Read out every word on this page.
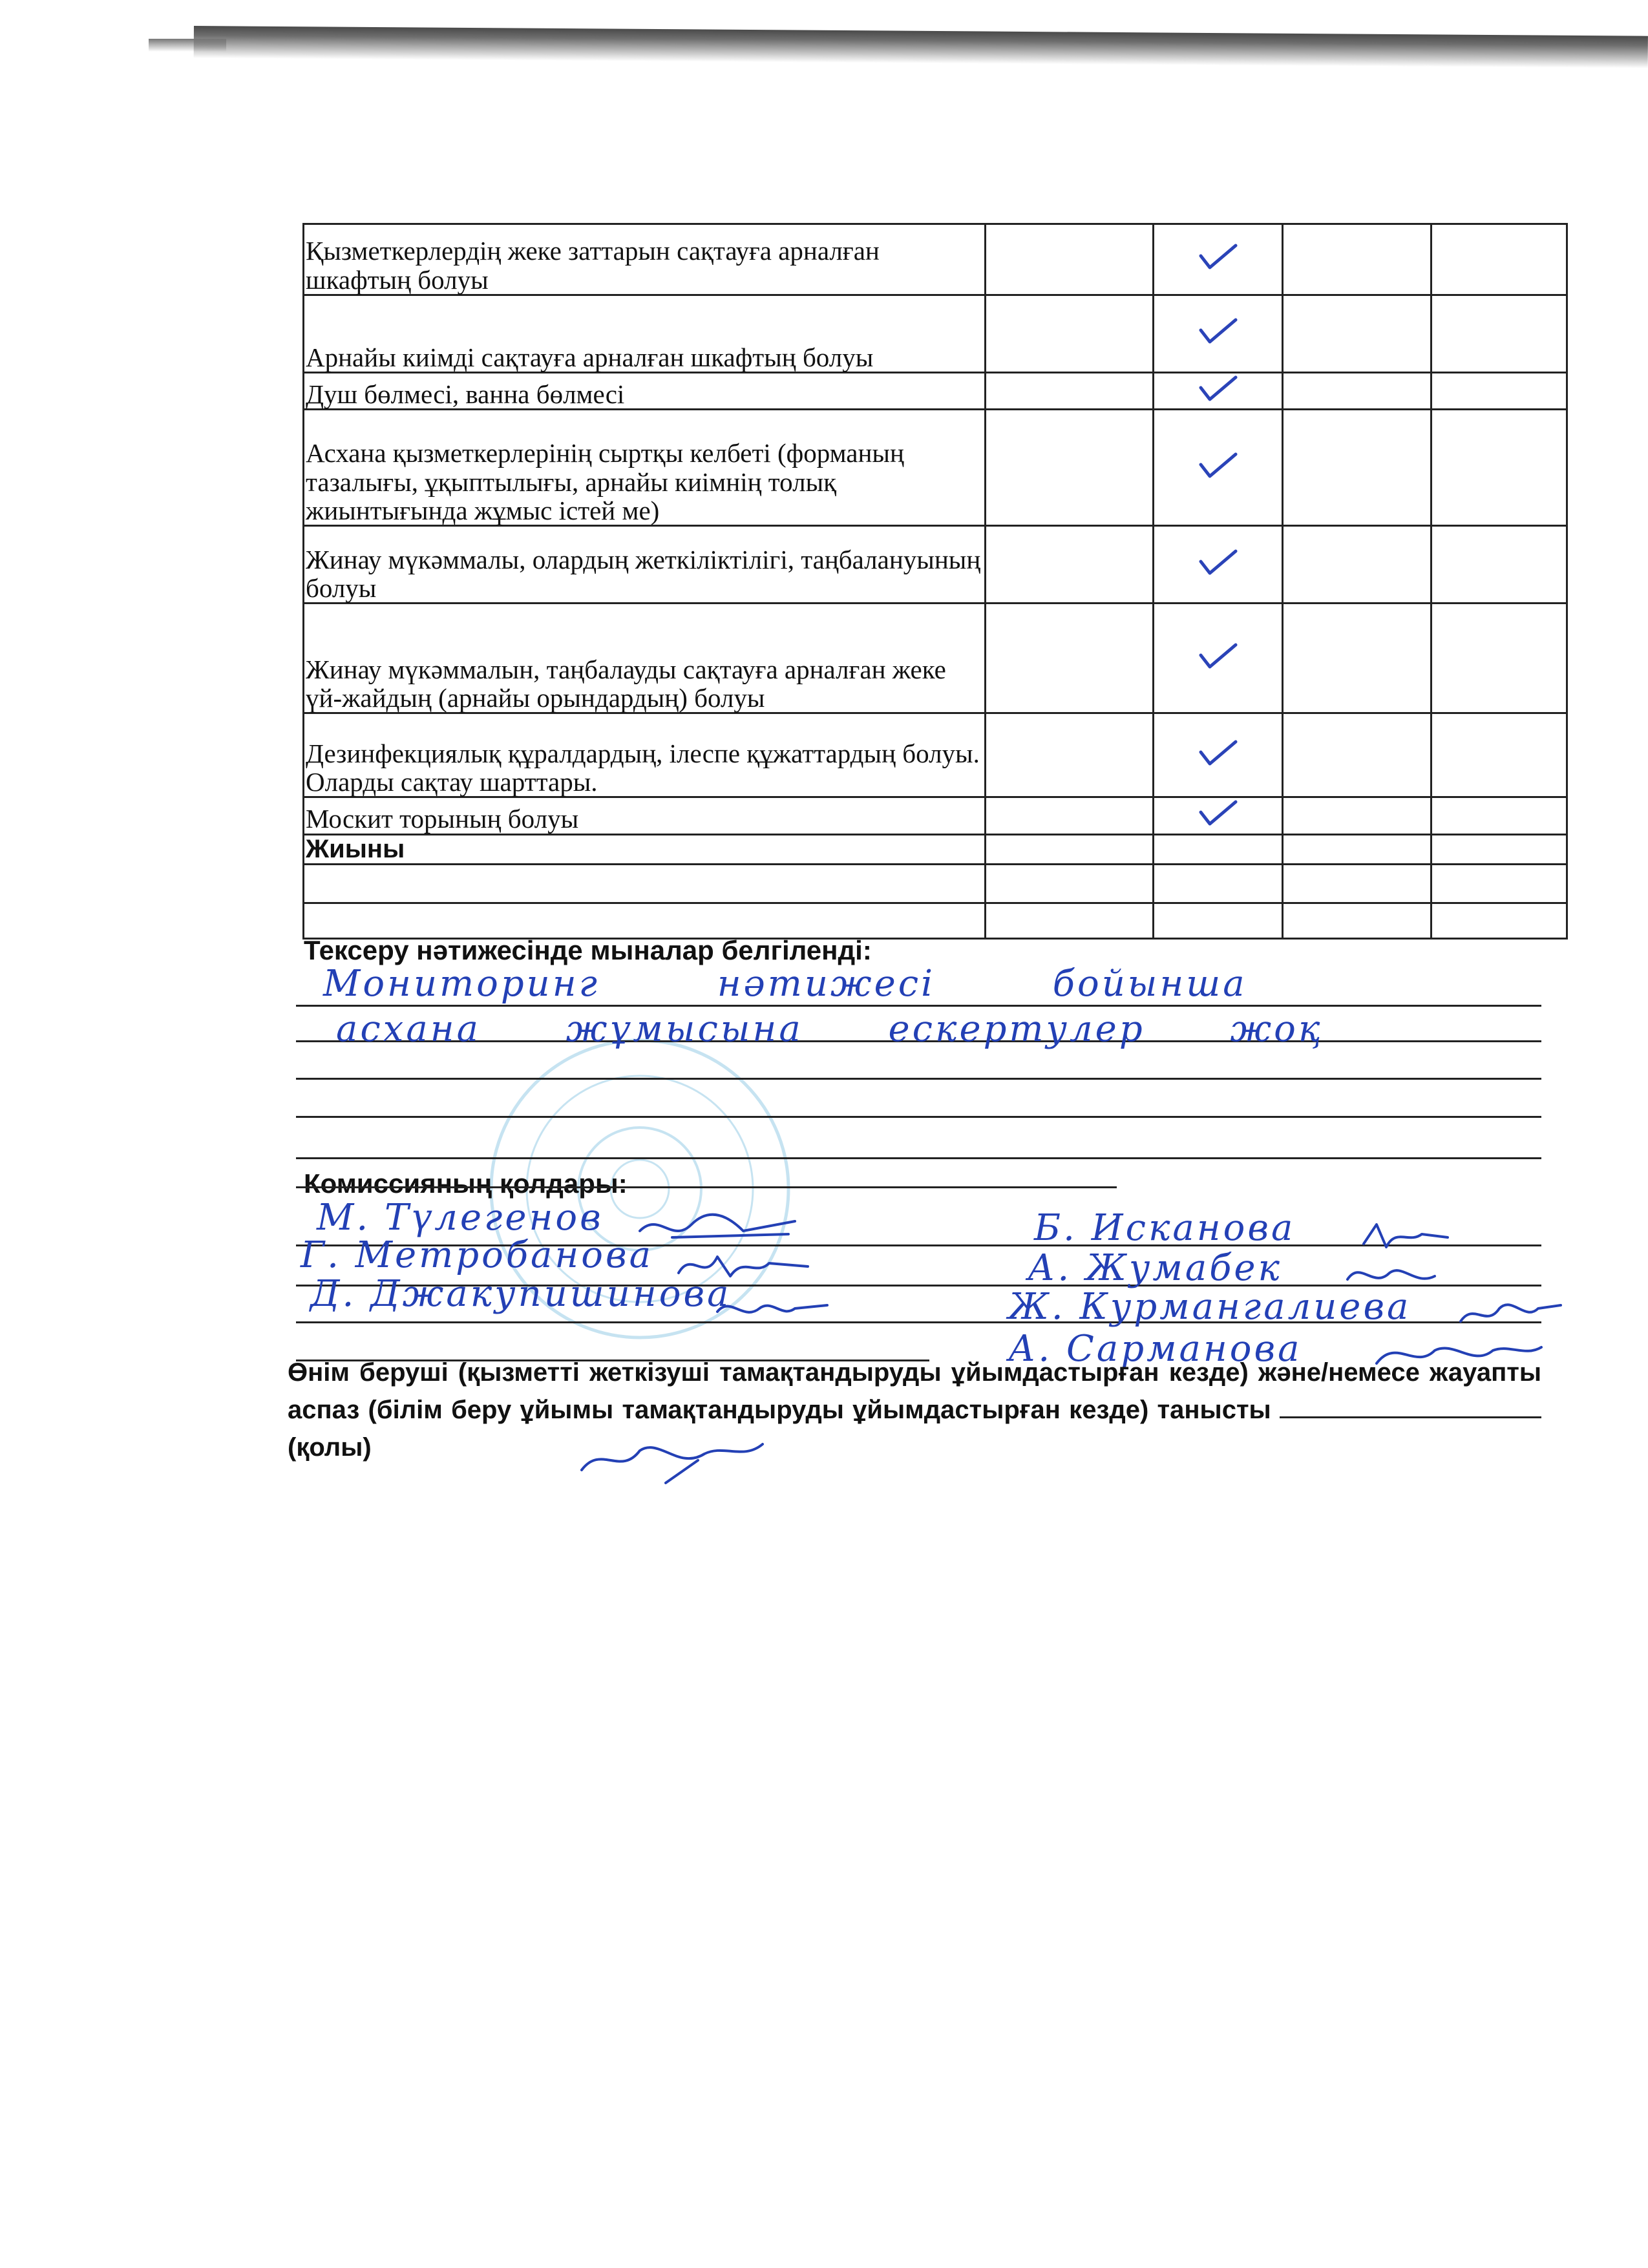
Қызметкерлердің жеке заттарын сақтауға арналған шкафтың болуы				
Арнайы киімді сақтауға арналған шкафтың болуы				
Душ бөлмесі, ванна бөлмесі				
Асхана қызметкерлерінің сыртқы келбеті (форманың тазалығы, ұқыптылығы, арнайы киімнің толық жиынтығында жұмыс істей ме)				
Жинау мүкәммалы, олардың жеткіліктілігі, таңбалануының болуы				
Жинау мүкәммалын, таңбалауды сақтауға арналған жеке үй-жайдың (арнайы орындардың) болуы				
Дезинфекциялық құралдардың, ілеспе құжаттардың болуы. Оларды сақтау шарттары.				
Москит торының болуы				
Жиыны				

Тексеру нәтижесінде мыналар белгіленді:
Мониторинг нәтижесі бойынша
асхана жұмысына ескертулер жоқ
Комиссияның қолдары:
М. Түлегенов
Г. Метробанова
Д. Джакупишинова
Б. Исканова
А. Жумабек
Ж. Курмангалиева
А. Сарманова
Өнім беруші (қызметті жеткізуші тамақтандыруды ұйымдастырған кезде) және/немесе жауапты аспаз (білім беру ұйымы тамақтандыруды ұйымдастырған кезде) танысты  (қолы)
